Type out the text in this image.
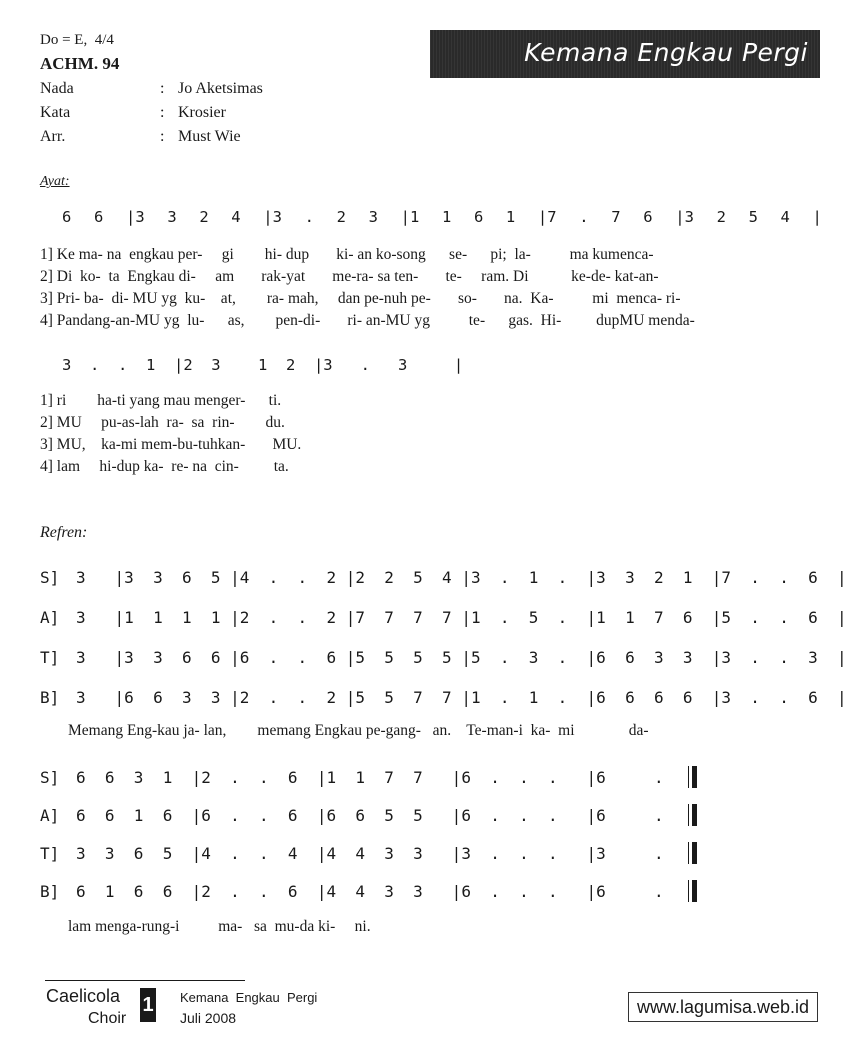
Do = E,  4/4
ACHM. 94	Kemana Engkau Pergi
Nada	: Jo Aketsimas
Kata	: Krosier
Arr.	: Must Wie
Ayat:
6  6  |3  3  2  4  |3  .  2  3  |1  1  6  1  |7  .  7  6  |3  2  5  4  |
1] Ke ma- na  engkau per-     gi        hi- dup       ki- an ko-song      se-      pi;  la-          ma kumenca-
2] Di  ko-  ta  Engkau di-     am       rak-yat       me-ra- sa ten-       te-     ram. Di           ke-de- kat-an-
3] Pri- ba-  di- MU yg  ku-    at,        ra- mah,     dan pe-nuh pe-       so-       na.  Ka-          mi  menca- ri-
4] Pandang-an-MU yg  lu-      as,        pen-di-       ri- an-MU yg          te-      gas.  Hi-         dupMU menda-
3  .  .  1  |2  3    1  2  |3   .   3     |
1] ri        ha-ti yang mau menger-      ti.
2] MU     pu-as-lah  ra-  sa  rin-        du.
3] MU,    ka-mi mem-bu-tuhkan-       MU.
4] lam     hi-dup ka-  re- na  cin-         ta.
Refren:
S] 3   |3  3  6  5 |4  .  .  2 |2  2  5  4 |3  .  1  .  |3  3  2  1  |7  .  .  6  |
A] 3   |1  1  1  1 |2  .  .  2 |7  7  7  7 |1  .  5  .  |1  1  7  6  |5  .  .  6  |
T] 3   |3  3  6  6 |6  .  .  6 |5  5  5  5 |5  .  3  .  |6  6  3  3  |3  .  .  3  |
B] 3   |6  6  3  3 |2  .  .  2 |5  5  7  7 |1  .  1  .  |6  6  6  6  |3  .  .  6  |
Memang Eng-kau ja- lan,        memang Engkau pe-gang-   an.    Te-man-i  ka-  mi              da-
S] 6  6  3  1  |2  .  .  6  |1  1  7  7   |6  .  .  .   |6     .
A] 6  6  1  6  |6  .  .  6  |6  6  5  5   |6  .  .  .   |6     .
T] 3  3  6  5  |4  .  .  4  |4  4  3  3   |3  .  .  .   |3     .
B] 6  1  6  6  |2  .  .  6  |4  4  3  3   |6  .  .  .   |6     .
lam menga-rung-i          ma-   sa  mu-da ki-     ni.
Caelicola
Choir
1 Kemana  Engkau  Pergi
Juli 2008
www.lagumisa.web.id
